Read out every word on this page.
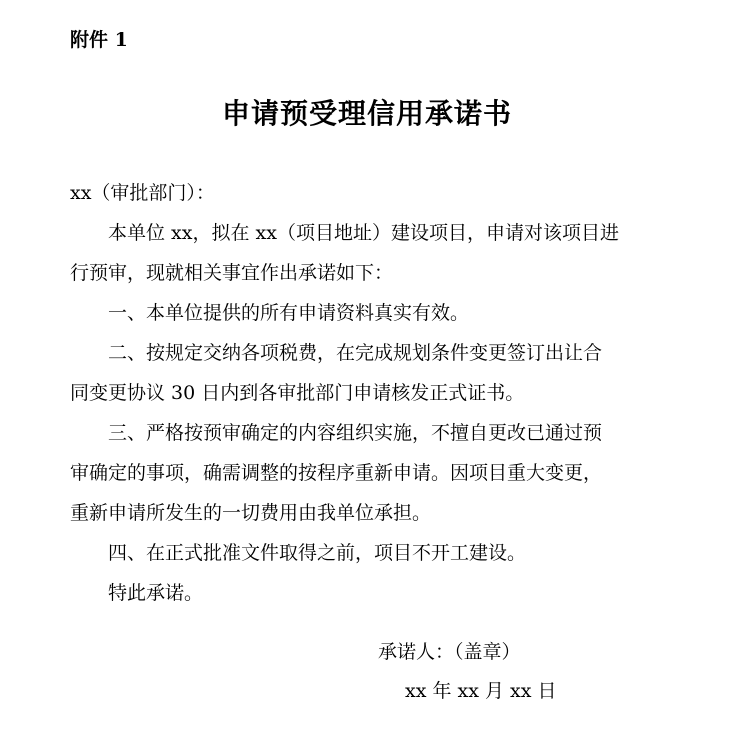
附件 1
申请预受理信用承诺书
xx（审批部门）：
本单位 xx，拟在 xx（项目地址）建设项目，申请对该项目进
行预审，现就相关事宜作出承诺如下：
一、本单位提供的所有申请资料真实有效。
二、按规定交纳各项税费，在完成规划条件变更签订出让合
同变更协议 30 日内到各审批部门申请核发正式证书。
三、严格按预审确定的内容组织实施，不擅自更改已通过预
审确定的事项，确需调整的按程序重新申请。因项目重大变更，
重新申请所发生的一切费用由我单位承担。
四、在正式批准文件取得之前，项目不开工建设。
特此承诺。
承诺人：（盖章）
xx 年 xx 月 xx 日
